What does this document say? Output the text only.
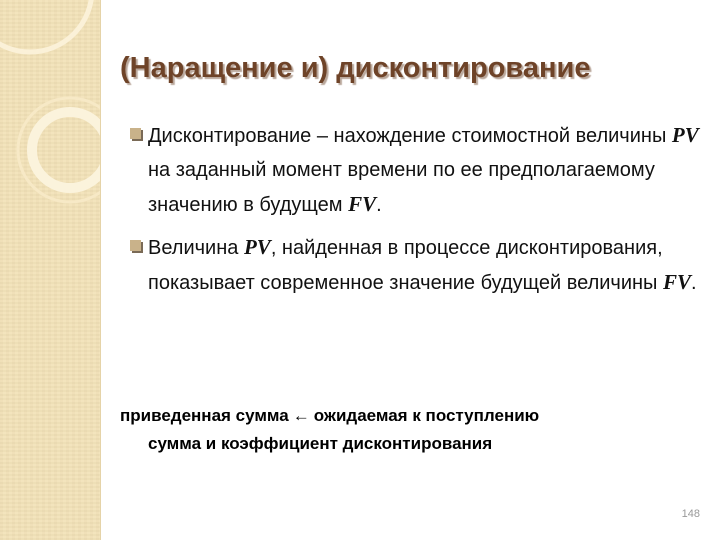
(Наращение и) дисконтирование
Дисконтирование – нахождение стоимостной величины PV на заданный момент времени по ее предполагаемому значению в будущем FV.
Величина PV, найденная в процессе дисконтирования, показывает современное значение будущей величины FV.
приведенная сумма ← ожидаемая к поступлению
сумма и коэффициент дисконтирования
148
